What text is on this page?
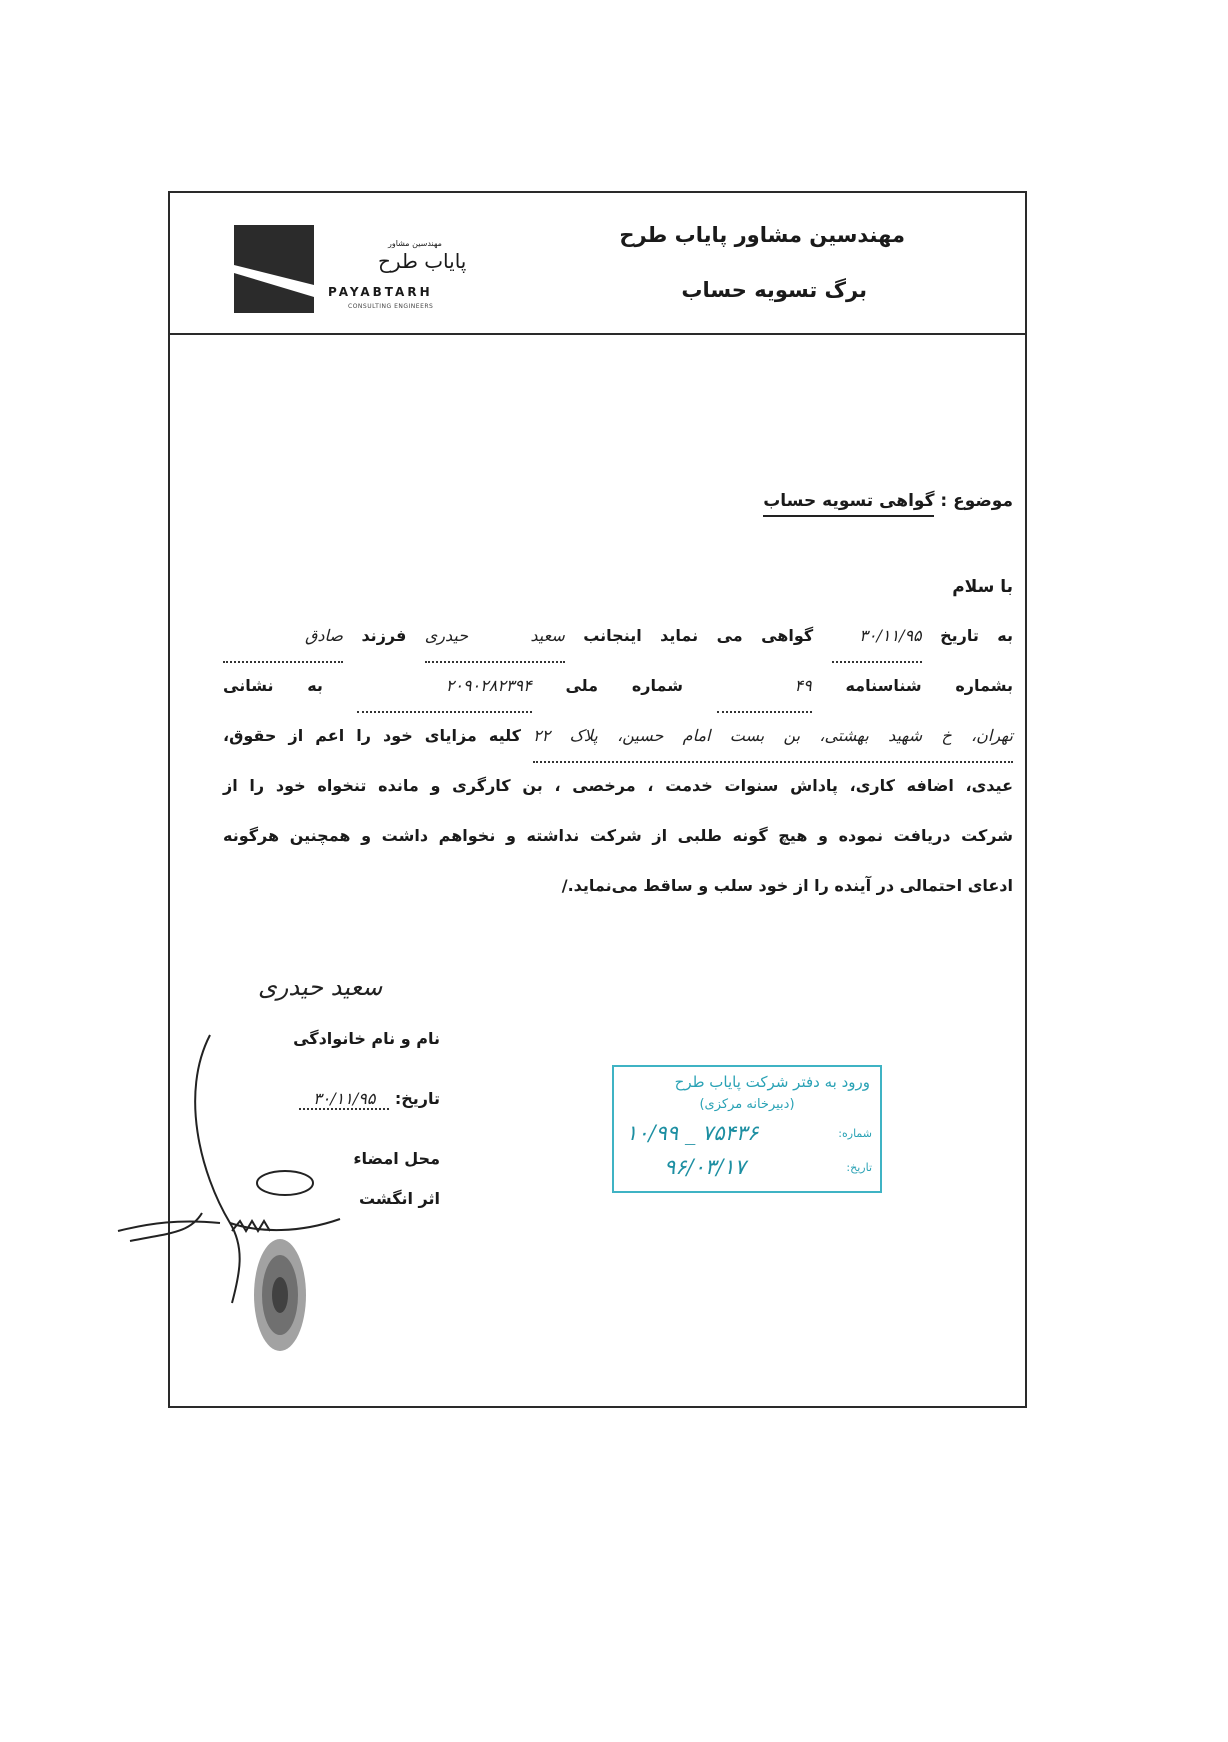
مهندسین مشاور پایاب طرح
برگ تسویه حساب
مهندسین مشاور
پایاب طرح
PAYABTARH
CONSULTING ENGINEERS
موضوع : گواهی تسویه حساب
با سلام
به تاریخ ۳۰/۱۱/۹۵ گواهی می نماید اینجانب سعید حیدری فرزند صادق
بشماره شناسنامه ۴۹ شماره ملی ۲۰۹۰۲۸۲۳۹۴ به نشانی
تهران، خ شهید بهشتی، بن بست امام حسین، پلاک ۲۲ کلیه مزایای خود را اعم از حقوق،
عیدی، اضافه کاری، پاداش سنوات خدمت ، مرخصی ، بن کارگری و مانده تنخواه خود را از
شرکت دریافت نموده و هیچ گونه طلبی از شرکت نداشته و نخواهم داشت و همچنین هرگونه
ادعای احتمالی در آینده را از خود سلب و ساقط می‌نماید./
سعید حیدری
نام و نام خانوادگی
تاریخ: ۳۰/۱۱/۹۵
محل امضاء
اثر انگشت
ورود به دفتر شرکت پایاب طرح
(دبیرخانه مرکزی)
شماره:
۱۰/۹۹ _ ۷۵۴۳۶
تاریخ:
۹۶/۰۳/۱۷
